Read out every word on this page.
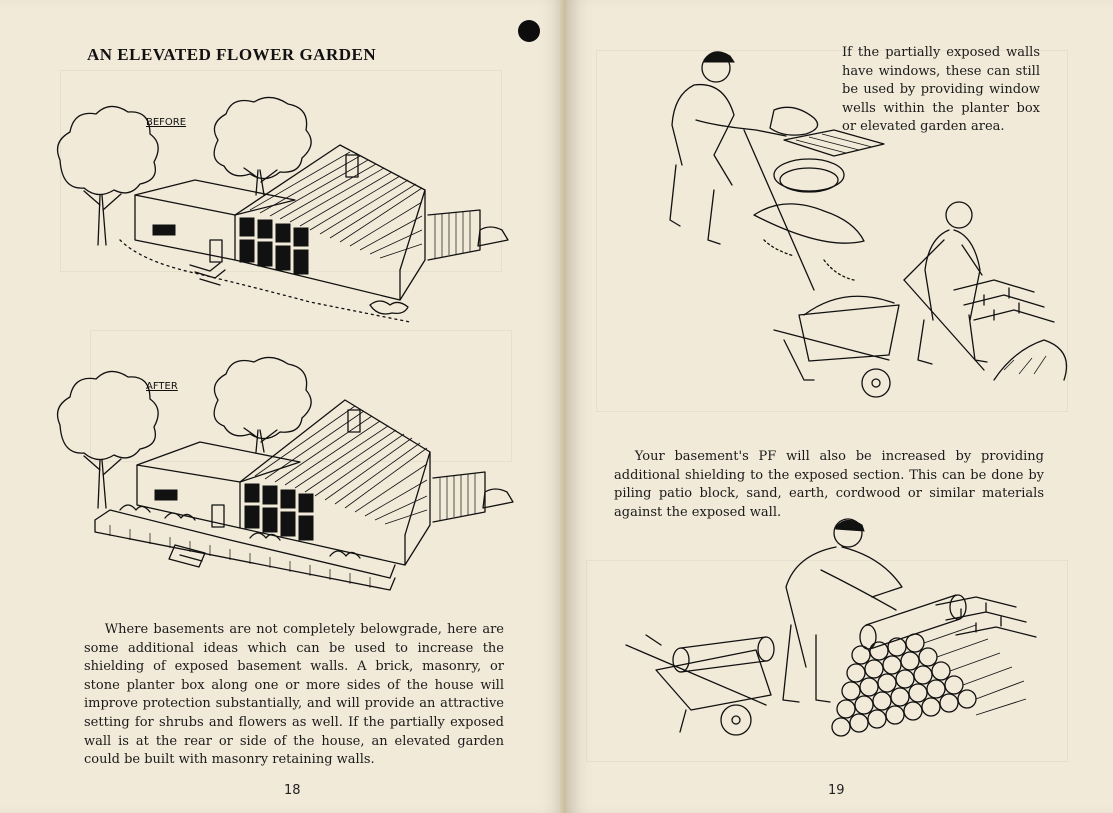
AN ELEVATED FLOWER GARDEN
BEFORE
AFTER

Where basements are not completely belowgrade, here are some additional ideas which can be used to increase the shielding of exposed basement walls. A brick, masonry, or stone planter box along one or more sides of the house will improve protection substantially, and will provide an attractive setting for shrubs and flowers as well. If the partially exposed wall is at the rear or side of the house, an elevated garden could be built with masonry retaining walls.

18

If the partially exposed walls have windows, these can still be used by providing window wells within the planter box or elevated garden area.

Your basement's PF will also be increased by providing additional shielding to the exposed section. This can be done by piling patio block, sand, earth, cordwood or similar materials against the exposed wall.

19
